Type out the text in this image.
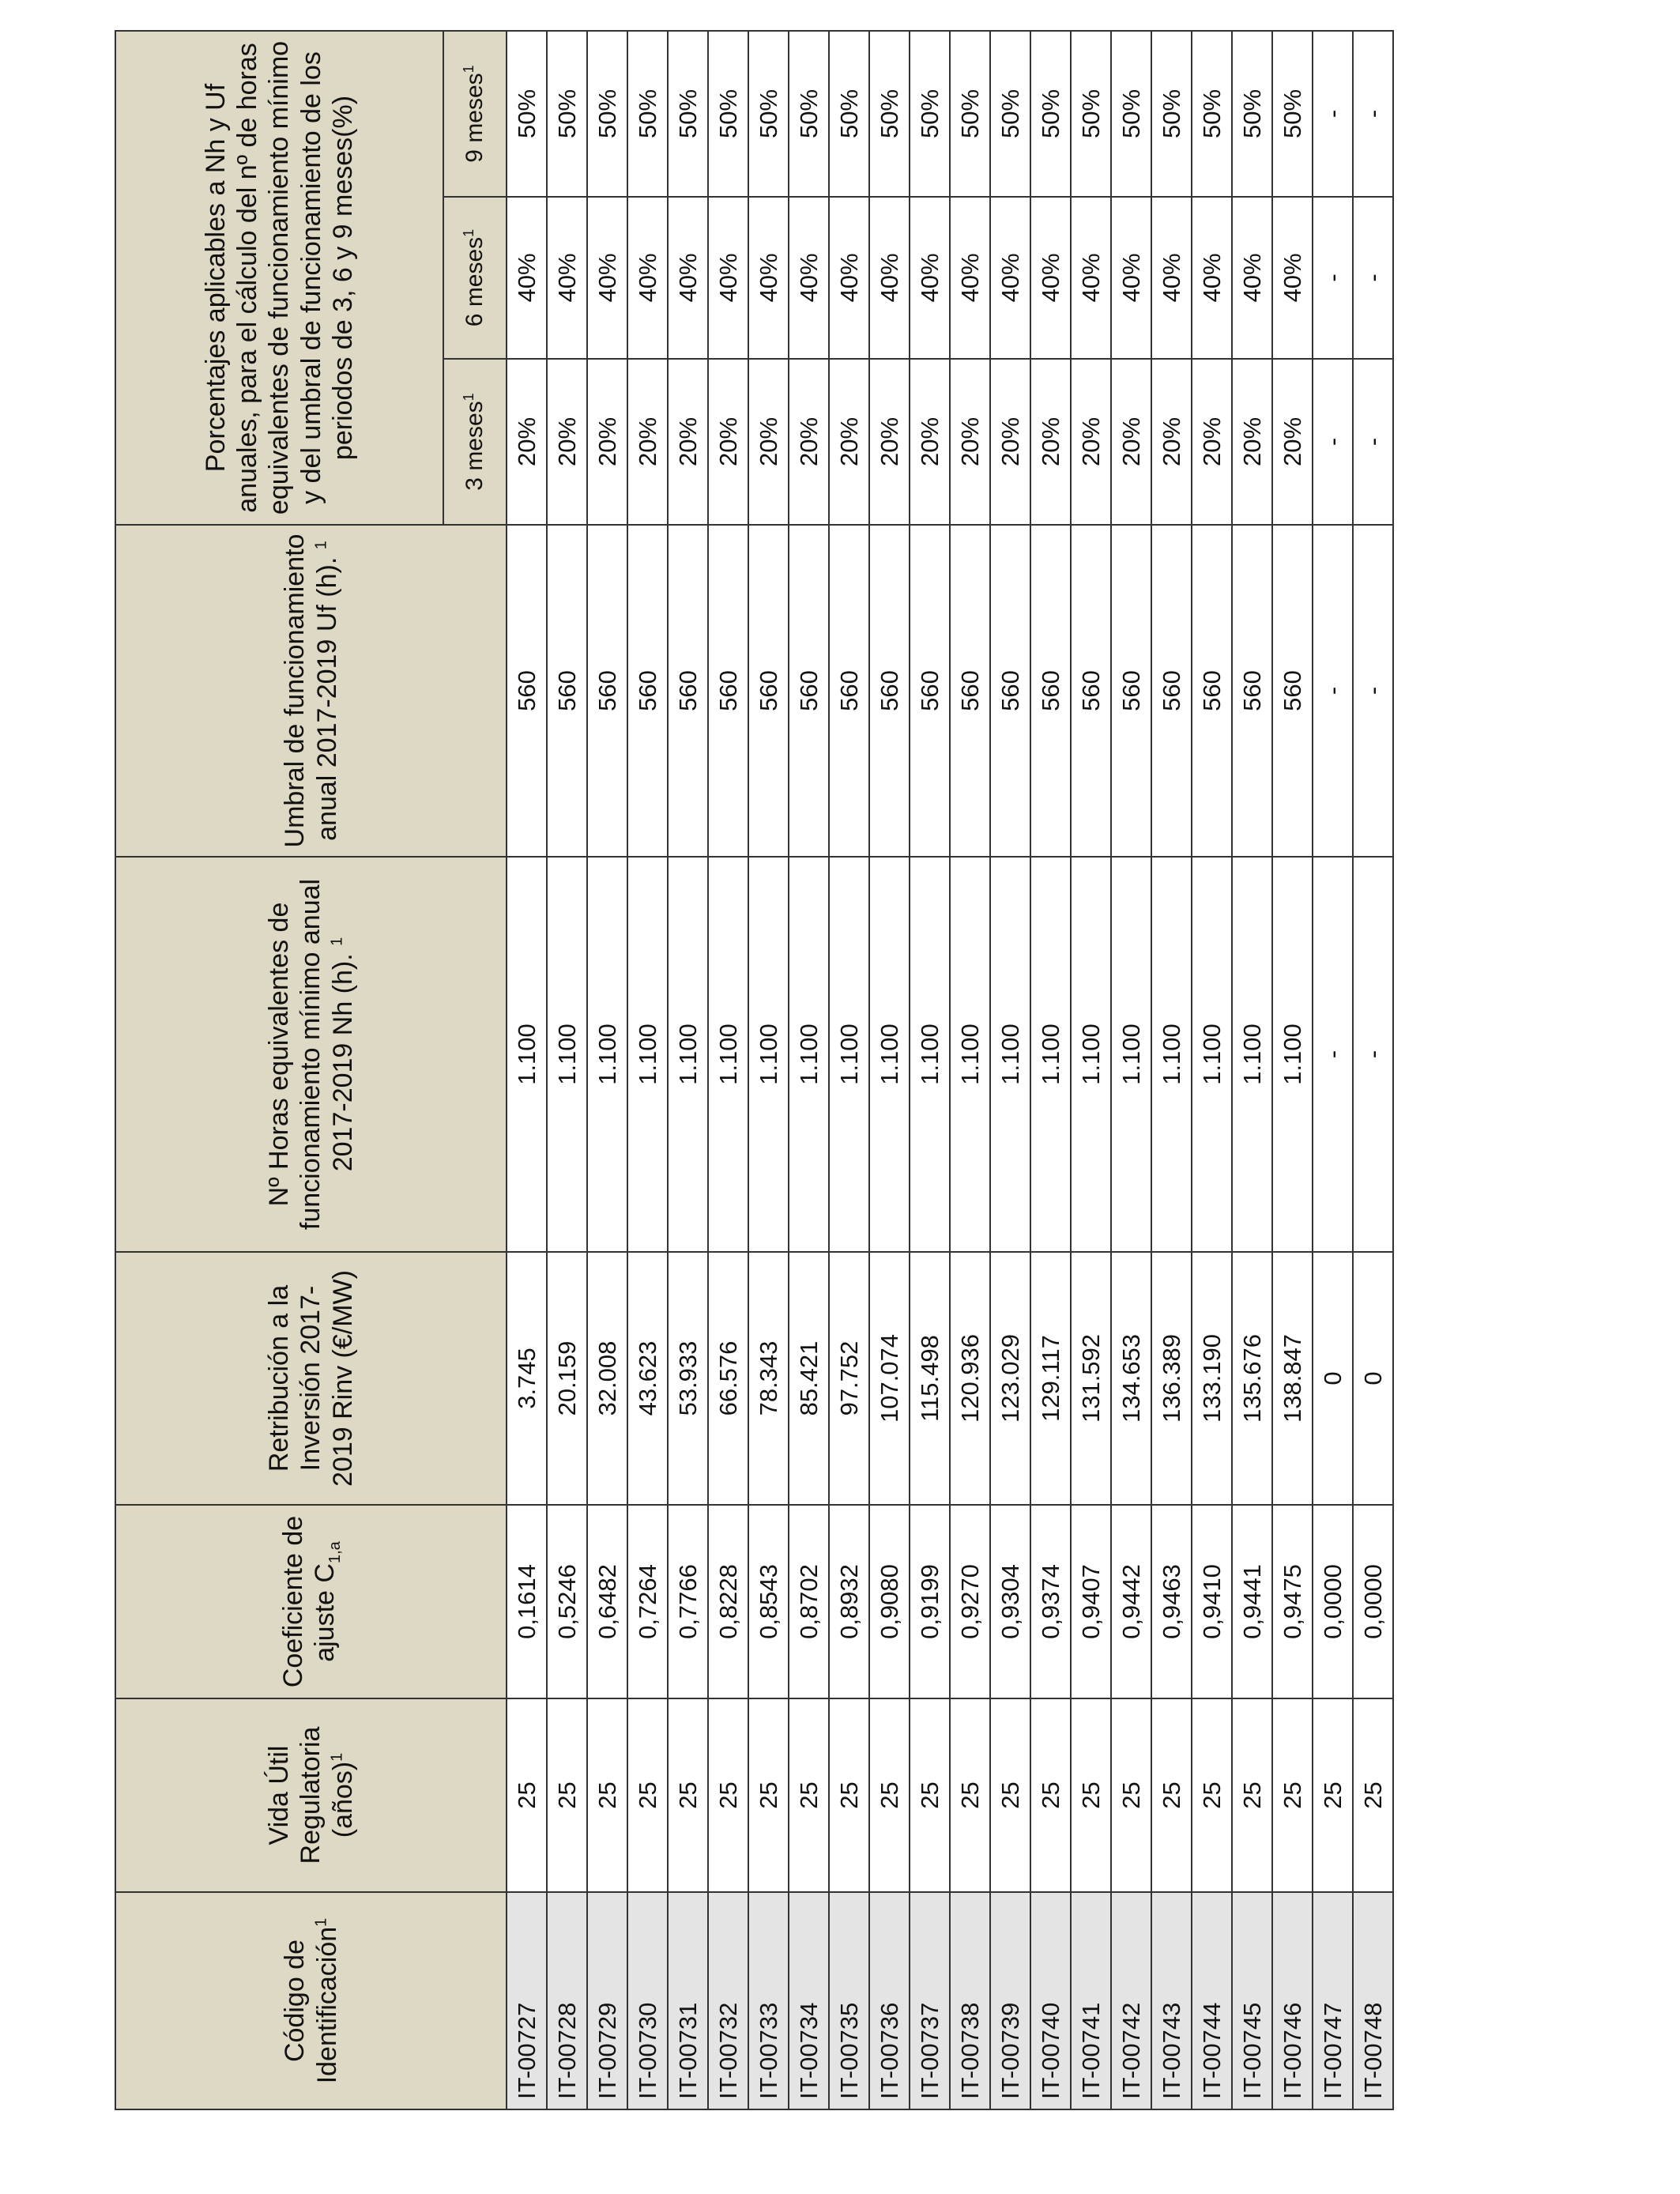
Código de Identificación$^1$	Vida Útil Regulatoria (años)$^1$	Coeficiente de ajuste $C_{1,a}$	Retribución a la Inversión 2017-2019 Rinv (€/MW)	Nº Horas equivalentes de funcionamiento mínimo anual 2017-2019 Nh (h). $^1$	Umbral de funcionamiento anual 2017-2019 Uf (h). $^1$	Porcentajes aplicables a Nh y Uf anuales, para el cálculo del nº de horas equivalentes de funcionamiento mínimo y del umbral de funcionamiento de los periodos de 3, 6 y 9 meses(%)		
						3 meses$^1$	6 meses$^1$	9 meses$^1$
IT-00727	25	0,1614	3.745	1.100	560	20%	40%	50%
IT-00728	25	0,5246	20.159	1.100	560	20%	40%	50%
IT-00729	25	0,6482	32.008	1.100	560	20%	40%	50%
IT-00730	25	0,7264	43.623	1.100	560	20%	40%	50%
IT-00731	25	0,7766	53.933	1.100	560	20%	40%	50%
IT-00732	25	0,8228	66.576	1.100	560	20%	40%	50%
IT-00733	25	0,8543	78.343	1.100	560	20%	40%	50%
IT-00734	25	0,8702	85.421	1.100	560	20%	40%	50%
IT-00735	25	0,8932	97.752	1.100	560	20%	40%	50%
IT-00736	25	0,9080	107.074	1.100	560	20%	40%	50%
IT-00737	25	0,9199	115.498	1.100	560	20%	40%	50%
IT-00738	25	0,9270	120.936	1.100	560	20%	40%	50%
IT-00739	25	0,9304	123.029	1.100	560	20%	40%	50%
IT-00740	25	0,9374	129.117	1.100	560	20%	40%	50%
IT-00741	25	0,9407	131.592	1.100	560	20%	40%	50%
IT-00742	25	0,9442	134.653	1.100	560	20%	40%	50%
IT-00743	25	0,9463	136.389	1.100	560	20%	40%	50%
IT-00744	25	0,9410	133.190	1.100	560	20%	40%	50%
IT-00745	25	0,9441	135.676	1.100	560	20%	40%	50%
IT-00746	25	0,9475	138.847	1.100	560	20%	40%	50%
IT-00747	25	0,0000	0	-	-	-	-	-
IT-00748	25	0,0000	0	-	-	-	-	-
